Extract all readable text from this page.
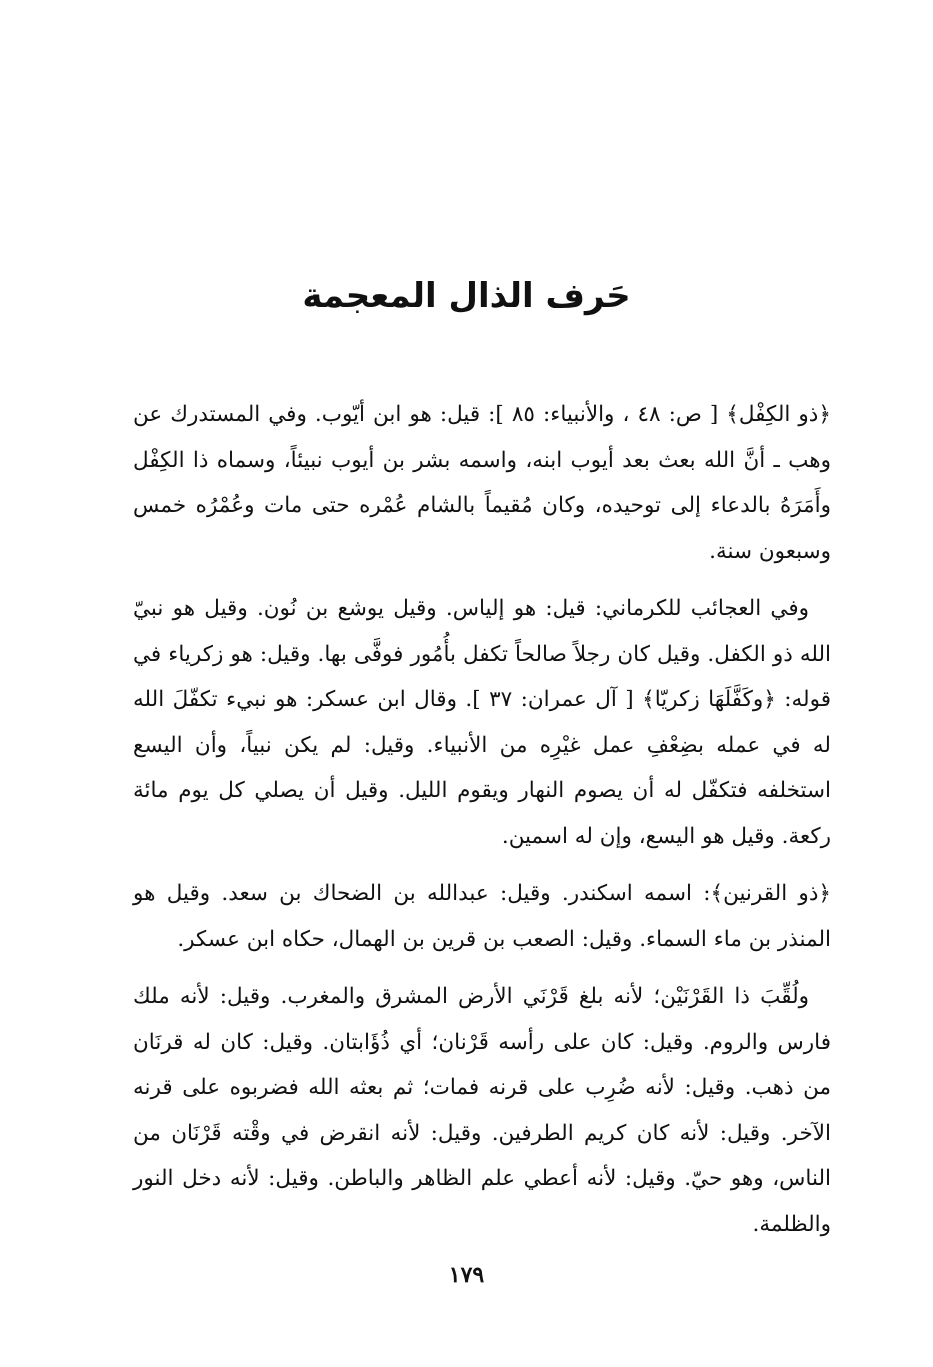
حَرف الذال المعجمة

﴿ذو الكِفْل﴾ [ ص: ٤٨ ، والأنبياء: ٨٥ ]: قيل: هو ابن أيّوب. وفي المستدرك عن وهب ـ أنَّ الله بعث بعد أيوب ابنه، واسمه بشر بن أيوب نبيئاً، وسماه ذا الكِفْل وأَمَرَهُ بالدعاء إلى توحيده، وكان مُقيماً بالشام عُمْره حتى مات وعُمْرُه خمس وسبعون سنة.

وفي العجائب للكرماني: قيل: هو إلياس. وقيل يوشع بن نُون. وقيل هو نبيّ الله ذو الكفل. وقيل كان رجلاً صالحاً تكفل بأُمُور فوفَّى بها. وقيل: هو زكرياء في قوله: ﴿وكَفَّلَهَا زكريّا﴾ [ آل عمران: ٣٧ ]. وقال ابن عسكر: هو نبيء تكفّلَ الله له في عمله بضِعْفِ عمل غيْرِه من الأنبياء. وقيل: لم يكن نبياً، وأن اليسع استخلفه فتكفّل له أن يصوم النهار ويقوم الليل. وقيل أن يصلي كل يوم مائة ركعة. وقيل هو اليسع، وإن له اسمين.

﴿ذو القرنين﴾: اسمه اسكندر. وقيل: عبدالله بن الضحاك بن سعد. وقيل هو المنذر بن ماء السماء. وقيل: الصعب بن قرين بن الهمال، حكاه ابن عسكر.

ولُقِّبَ ذا القَرْنَيْن؛ لأنه بلغ قَرْنَي الأرض المشرق والمغرب. وقيل: لأنه ملك فارس والروم. وقيل: كان على رأسه قَرْنان؛ أي ذُؤَابتان. وقيل: كان له قرنَان من ذهب. وقيل: لأنه ضُرِب على قرنه فمات؛ ثم بعثه الله فضربوه على قرنه الآخر. وقيل: لأنه كان كريم الطرفين. وقيل: لأنه انقرض في وقْته قَرْنَان من الناس، وهو حيّ. وقيل: لأنه أعطي علم الظاهر والباطن. وقيل: لأنه دخل النور والظلمة.

١٧٩
